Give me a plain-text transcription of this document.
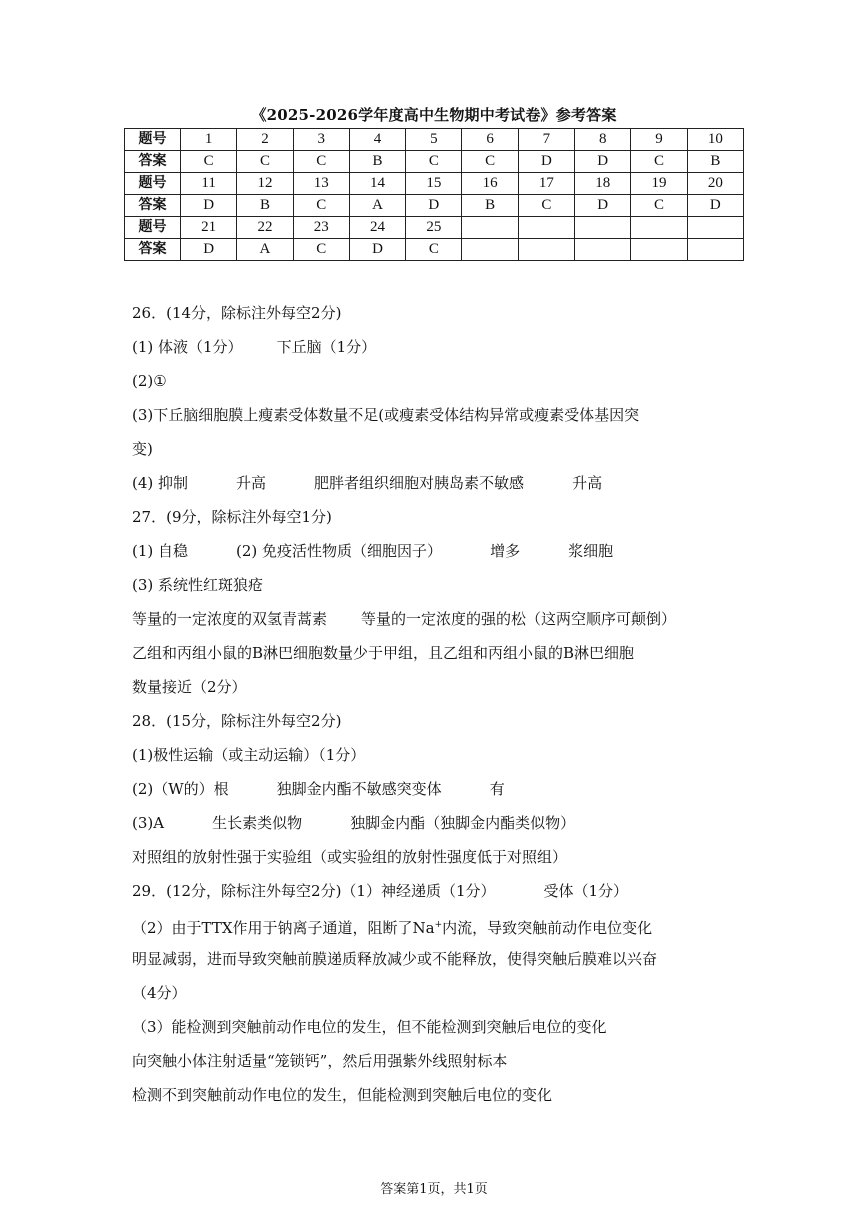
《2025-2026学年度高中生物期中考试卷》参考答案
题号	1	2	3	4	5	6	7	8	9	10
答案	C	C	C	B	C	C	D	D	C	B
题号	11	12	13	14	15	16	17	18	19	20
答案	D	B	C	A	D	B	C	D	C	D
题号	21	22	23	24	25					
答案	D	A	C	D	C					
26．(14分，除标注外每空2分)
(1) 体液（1分） 下丘脑（1分）
(2)①
(3)下丘脑细胞膜上瘦素受体数量不足(或瘦素受体结构异常或瘦素受体基因突
变)
(4) 抑制	升高	肥胖者组织细胞对胰岛素不敏感	升高
27．(9分，除标注外每空1分)
(1) 自稳	(2) 免疫活性物质（细胞因子）	增多	浆细胞
(3) 系统性红斑狼疮
等量的一定浓度的双氢青蒿素 等量的一定浓度的强的松（这两空顺序可颠倒）
乙组和丙组小鼠的B淋巴细胞数量少于甲组，且乙组和丙组小鼠的B淋巴细胞
数量接近（2分）
28．(15分，除标注外每空2分)
(1)极性运输（或主动运输）（1分）
(2)（W的）根	独脚金内酯不敏感突变体	有
(3)A	生长素类似物	独脚金内酯（独脚金内酯类似物）
对照组的放射性强于实验组（或实验组的放射性强度低于对照组）
29．(12分，除标注外每空2分)（1）神经递质（1分）	受体（1分）
（2）由于TTX作用于钠离子通道，阻断了Na+内流，导致突触前动作电位变化
明显减弱，进而导致突触前膜递质释放减少或不能释放，使得突触后膜难以兴奋
（4分）
（3）能检测到突触前动作电位的发生，但不能检测到突触后电位的变化
向突触小体注射适量“笼锁钙”，然后用强紫外线照射标本
检测不到突触前动作电位的发生，但能检测到突触后电位的变化
答案第1页，共1页
